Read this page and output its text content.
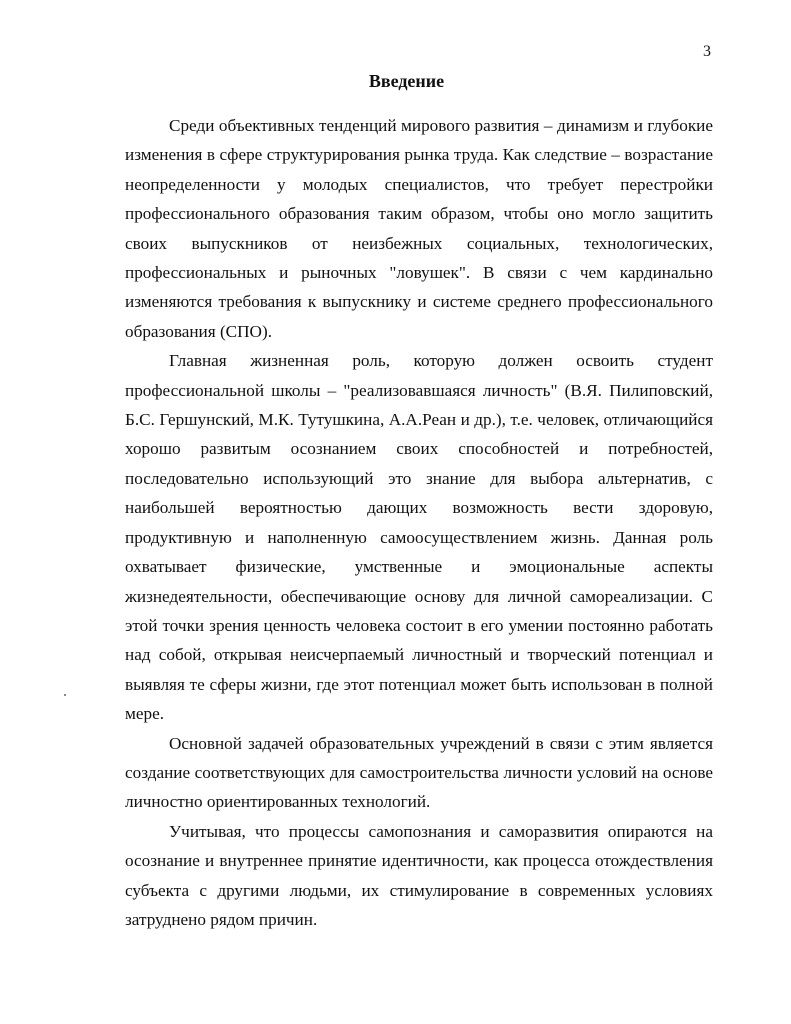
3
Введение

Среди объективных тенденций мирового развития – динамизм и глубокие изменения в сфере структурирования рынка труда. Как следствие – возрастание неопределенности у молодых специалистов, что требует перестройки профессионального образования таким образом, чтобы оно могло защитить своих выпускников от неизбежных социальных, технологических, профессиональных и рыночных "ловушек". В связи с чем кардинально изменяются требования к выпускнику и системе среднего профессионального образования (СПО).

Главная жизненная роль, которую должен освоить студент профессиональной школы – "реализовавшаяся личность" (В.Я. Пилиповский, Б.С. Гершунский, М.К. Тутушкина, А.А.Реан и др.), т.е. человек, отличающийся хорошо развитым осознанием своих способностей и потребностей, последовательно использующий это знание для выбора альтернатив, с наибольшей вероятностью дающих возможность вести здоровую, продуктивную и наполненную самоосуществлением жизнь. Данная роль охватывает физические, умственные и эмоциональные аспекты жизнедеятельности, обеспечивающие основу для личной самореализации. С этой точки зрения ценность человека состоит в его умении постоянно работать над собой, открывая неисчерпаемый личностный и творческий потенциал и выявляя те сферы жизни, где этот потенциал может быть использован в полной мере.

Основной задачей образовательных учреждений в связи с этим является создание соответствующих для самостроительства личности условий на основе личностно ориентированных технологий.

Учитывая, что процессы самопознания и саморазвития опираются на осознание и внутреннее принятие идентичности, как процесса отождествления субъекта с другими людьми, их стимулирование в современных условиях затруднено рядом причин.
